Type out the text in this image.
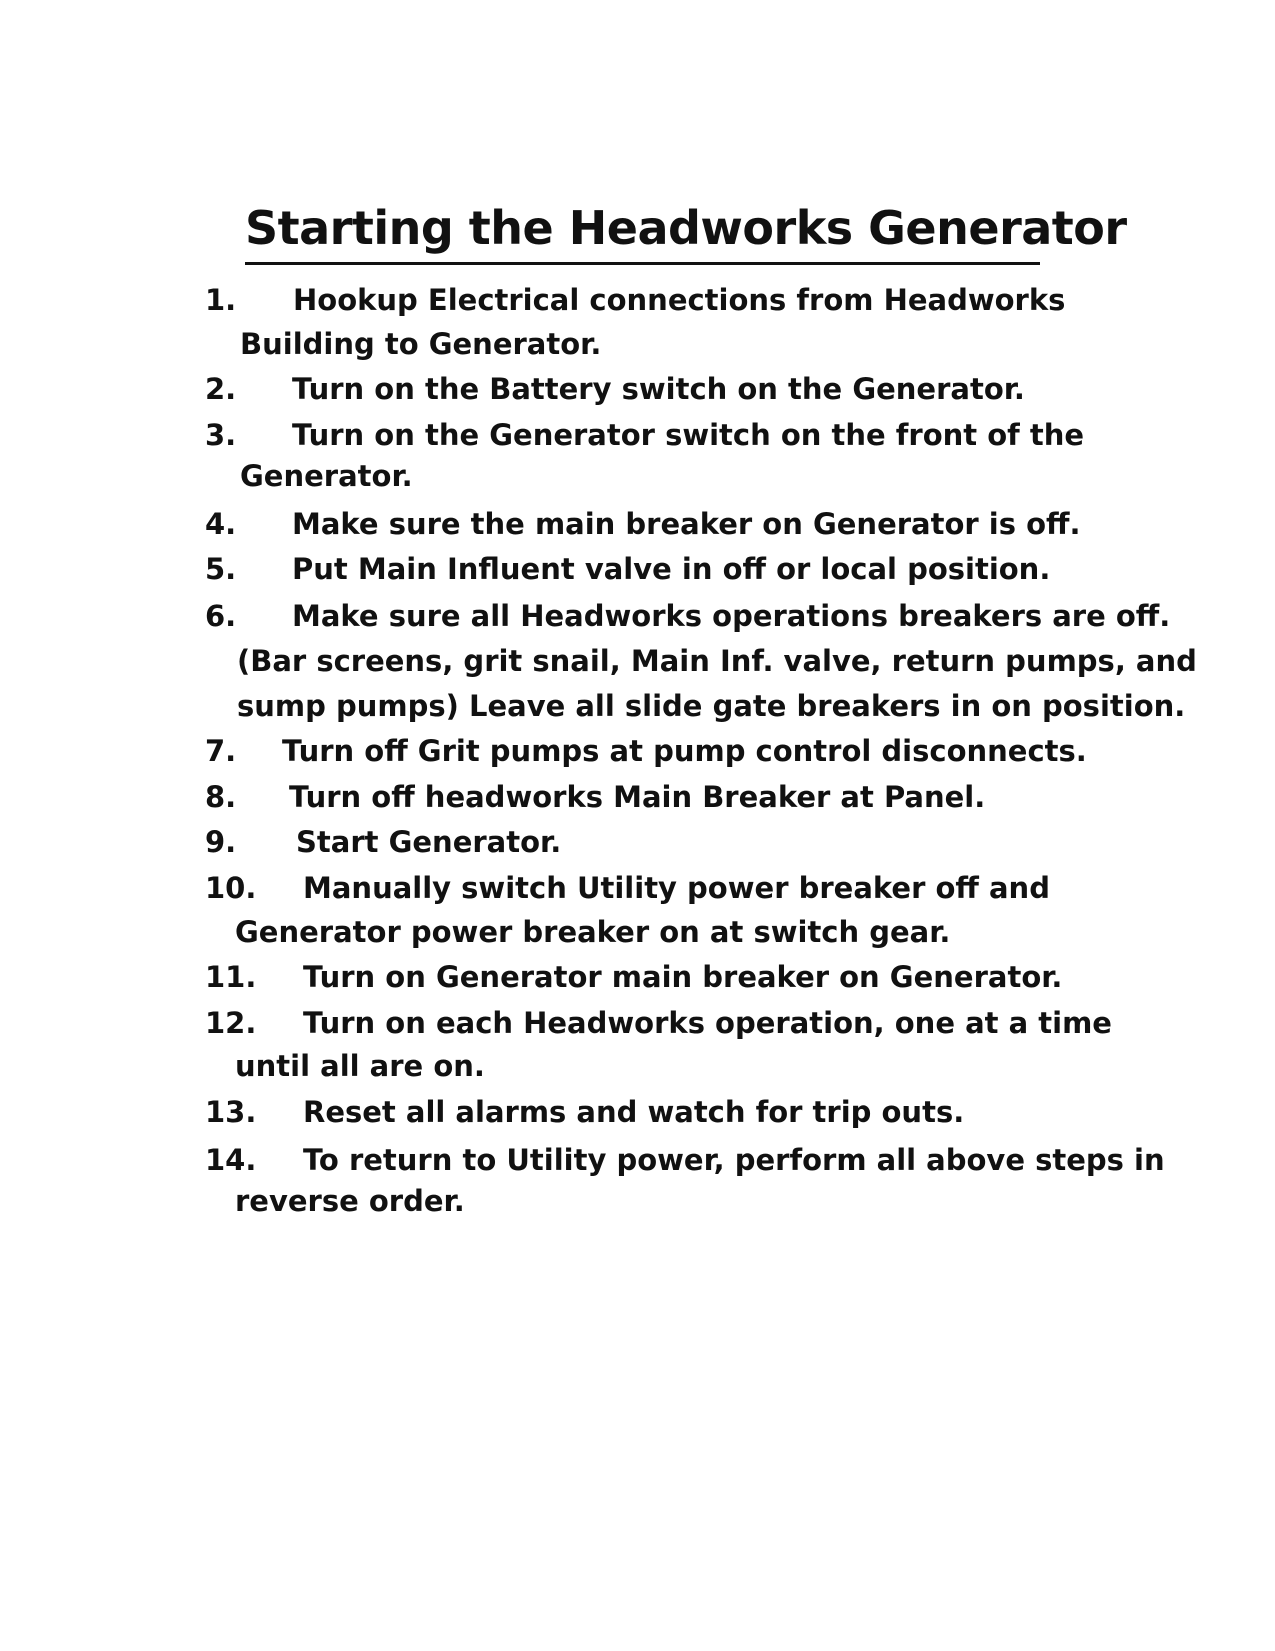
Starting the Headworks Generator
1. Hookup Electrical connections from Headworks
Building to Generator.
2. Turn on the Battery switch on the Generator.
3. Turn on the Generator switch on the front of the
Generator.
4. Make sure the main breaker on Generator is off.
5. Put Main Influent valve in off or local position.
6. Make sure all Headworks operations breakers are off.
(Bar screens, grit snail, Main Inf. valve, return pumps, and
sump pumps) Leave all slide gate breakers in on position.
7. Turn off Grit pumps at pump control disconnects.
8. Turn off headworks Main Breaker at Panel.
9. Start Generator.
10. Manually switch Utility power breaker off and
Generator power breaker on at switch gear.
11. Turn on Generator main breaker on Generator.
12. Turn on each Headworks operation, one at a time
until all are on.
13. Reset all alarms and watch for trip outs.
14. To return to Utility power, perform all above steps in
reverse order.
